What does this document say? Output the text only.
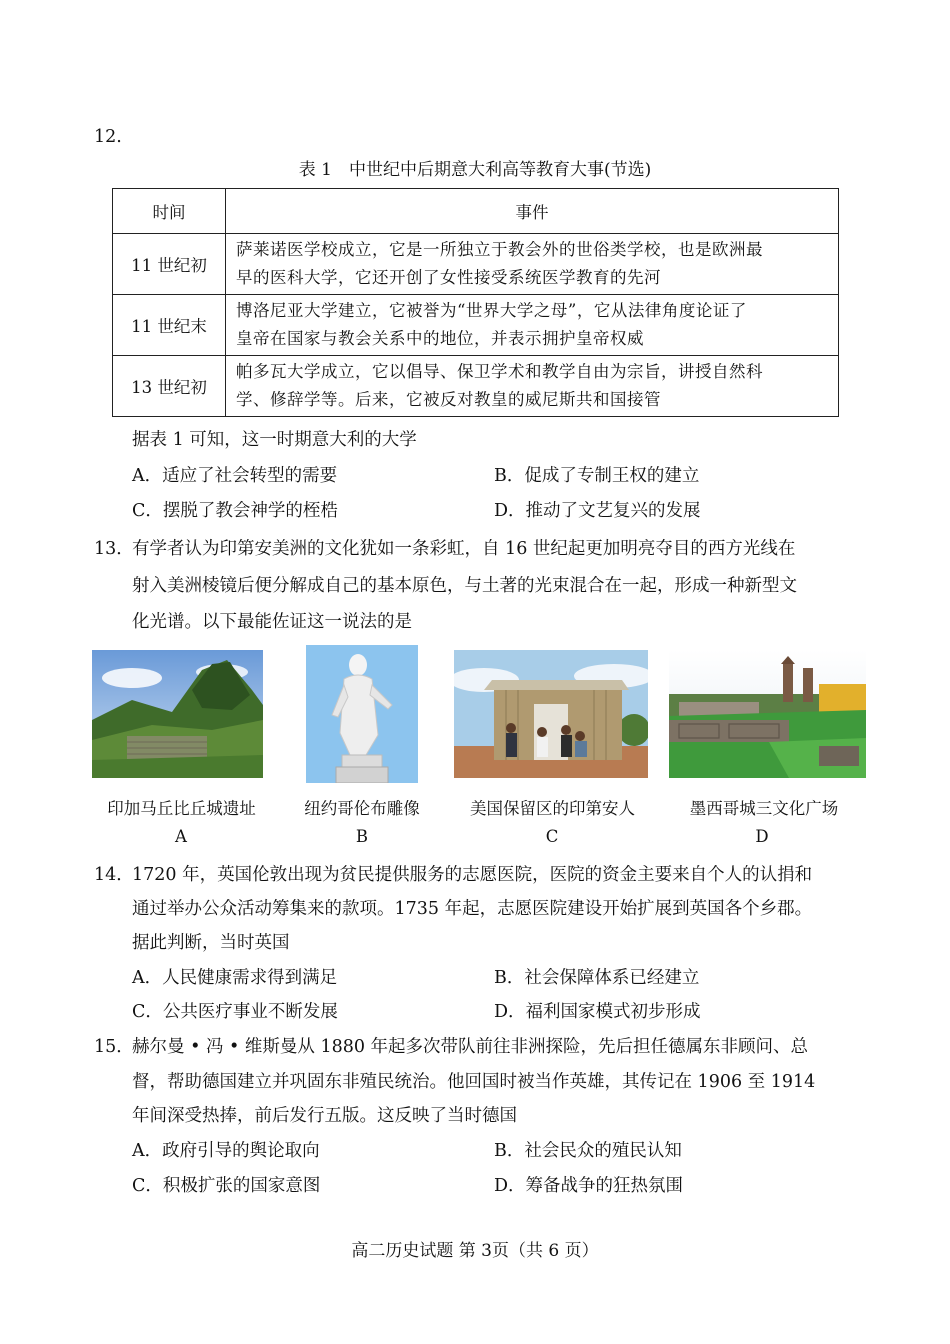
12.
表 1　中世纪中后期意大利高等教育大事(节选)
时间	事件
11 世纪初	萨莱诺医学校成立，它是一所独立于教会外的世俗类学校，也是欧洲最
早的医科大学，它还开创了女性接受系统医学教育的先河

11 世纪末	博洛尼亚大学建立，它被誉为“世界大学之母”，它从法律角度论证了
皇帝在国家与教会关系中的地位，并表示拥护皇帝权威

13 世纪初	帕多瓦大学成立，它以倡导、保卫学术和教学自由为宗旨，讲授自然科
学、修辞学等。后来，它被反对教皇的威尼斯共和国接管
据表 1 可知，这一时期意大利的大学
A．适应了社会转型的需要	B．促成了专制王权的建立
C．摆脱了教会神学的桎梏	D．推动了文艺复兴的发展
13．
有学者认为印第安美洲的文化犹如一条彩虹，自 16 世纪起更加明亮夺目的西方光线在
射入美洲棱镜后便分解成自己的基本原色，与土著的光束混合在一起，形成一种新型文
化光谱。以下最能佐证这一说法的是
印加马丘比丘城遗址	纽约哥伦布雕像	美国保留区的印第安人	墨西哥城三文化广场
A	B	C	D
14．
1720 年，英国伦敦出现为贫民提供服务的志愿医院，医院的资金主要来自个人的认捐和
通过举办公众活动筹集来的款项。1735 年起，志愿医院建设开始扩展到英国各个乡郡。
据此判断，当时英国
A．人民健康需求得到满足	B．社会保障体系已经建立
C．公共医疗事业不断发展	D．福利国家模式初步形成
15．
赫尔曼 • 冯 • 维斯曼从 1880 年起多次带队前往非洲探险，先后担任德属东非顾问、总
督，帮助德国建立并巩固东非殖民统治。他回国时被当作英雄，其传记在 1906 至 1914
年间深受热捧，前后发行五版。这反映了当时德国
A．政府引导的舆论取向	B．社会民众的殖民认知
C．积极扩张的国家意图	D．筹备战争的狂热氛围
高二历史试题 第 3页（共 6 页）
